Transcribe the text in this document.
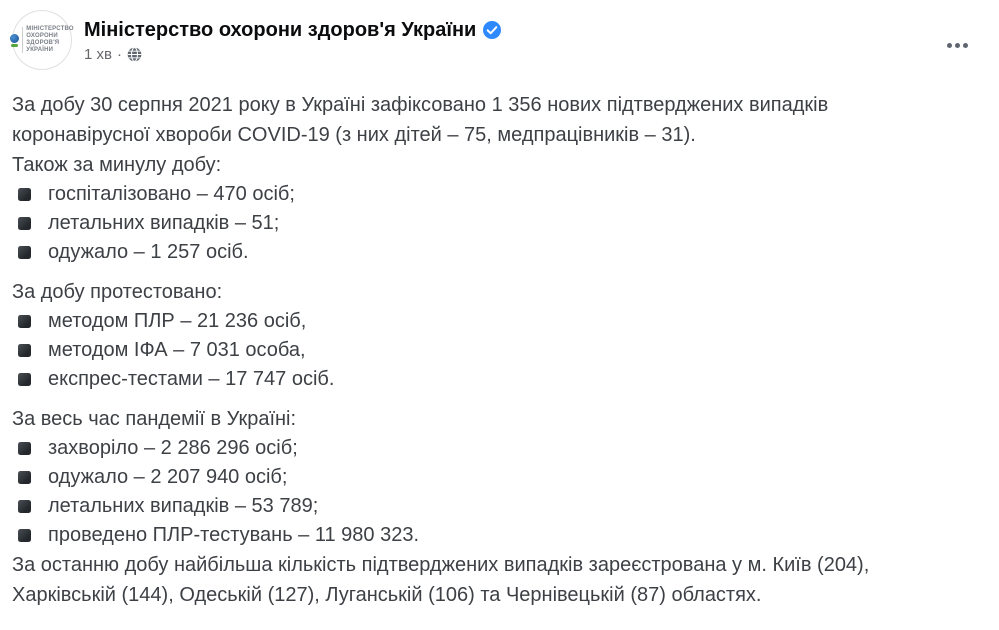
МІНІСТЕРСТВО
ОХОРОНИ
ЗДОРОВ'Я
УКРАЇНИ
Міністерство охорони здоров'я України
1 хв ·

За добу 30 серпня 2021 року в Україні зафіксовано 1 356 нових підтверджених випадків коронавірусної хвороби COVID-19 (з них дітей – 75, медпрацівників – 31).

Також за минулу добу:
госпіталізовано – 470 осіб;
летальних випадків – 51;
одужало – 1 257 осіб.
За добу протестовано:
методом ПЛР – 21 236 осіб,
методом ІФА – 7 031 особа,
експрес-тестами – 17 747 осіб.
За весь час пандемії в Україні:
захворіло – 2 286 296 осіб;
одужало – 2 207 940 осіб;
летальних випадків – 53 789;
проведено ПЛР-тестувань – 11 980 323.

За останню добу найбільша кількість підтверджених випадків зареєстрована у м. Київ (204), Харківській (144), Одеській (127), Луганській (106) та Чернівецькій (87) областях.
